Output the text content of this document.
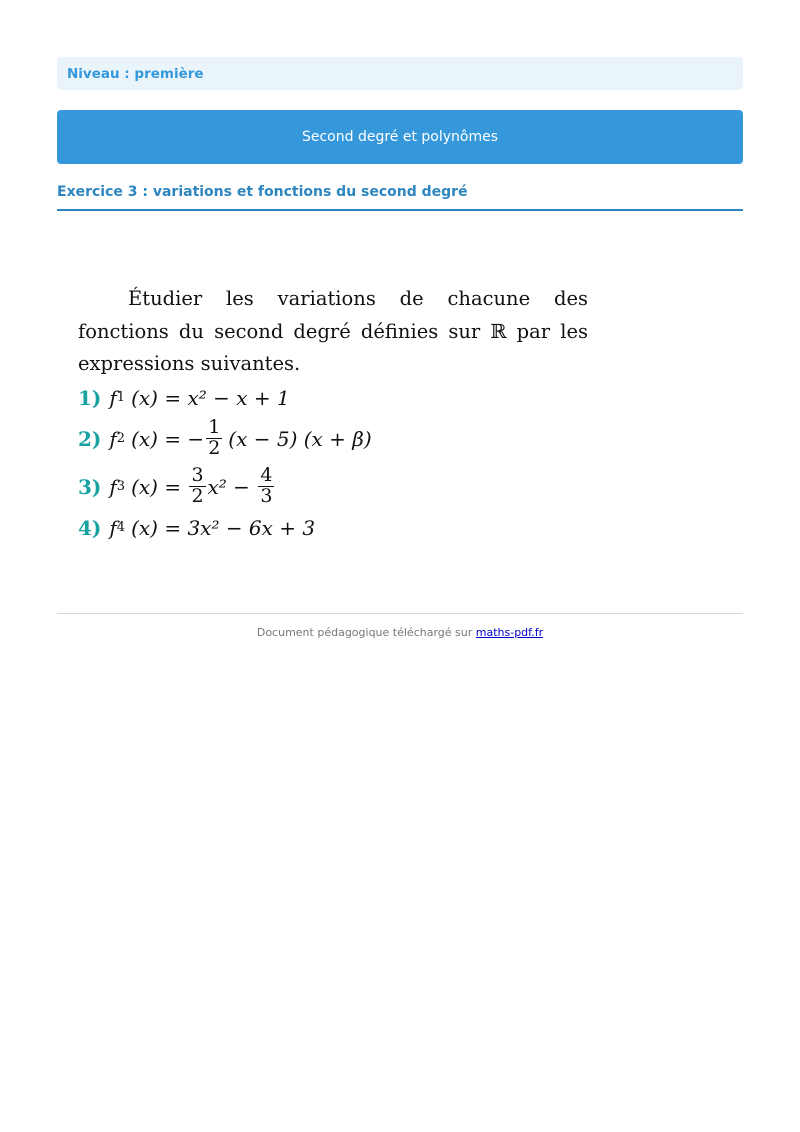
Niveau : première
Second degré et polynômes
Exercice 3 : variations et fonctions du second degré

Étudier les variations de chacune des fonctions du second degré définies sur ℝ par les expressions suivantes.

1) f 1 (x) = x² − x + 1
2) f 2 (x) = − $\frac{1}{2} (x - 5) (x + \beta)$
3) f 3 $(x) = \frac{3}{2} x^2 - \frac{4}{3}$
4) f 4 (x) = 3x² − 6x + 3
Document pédagogique téléchargé sur maths-pdf.fr
